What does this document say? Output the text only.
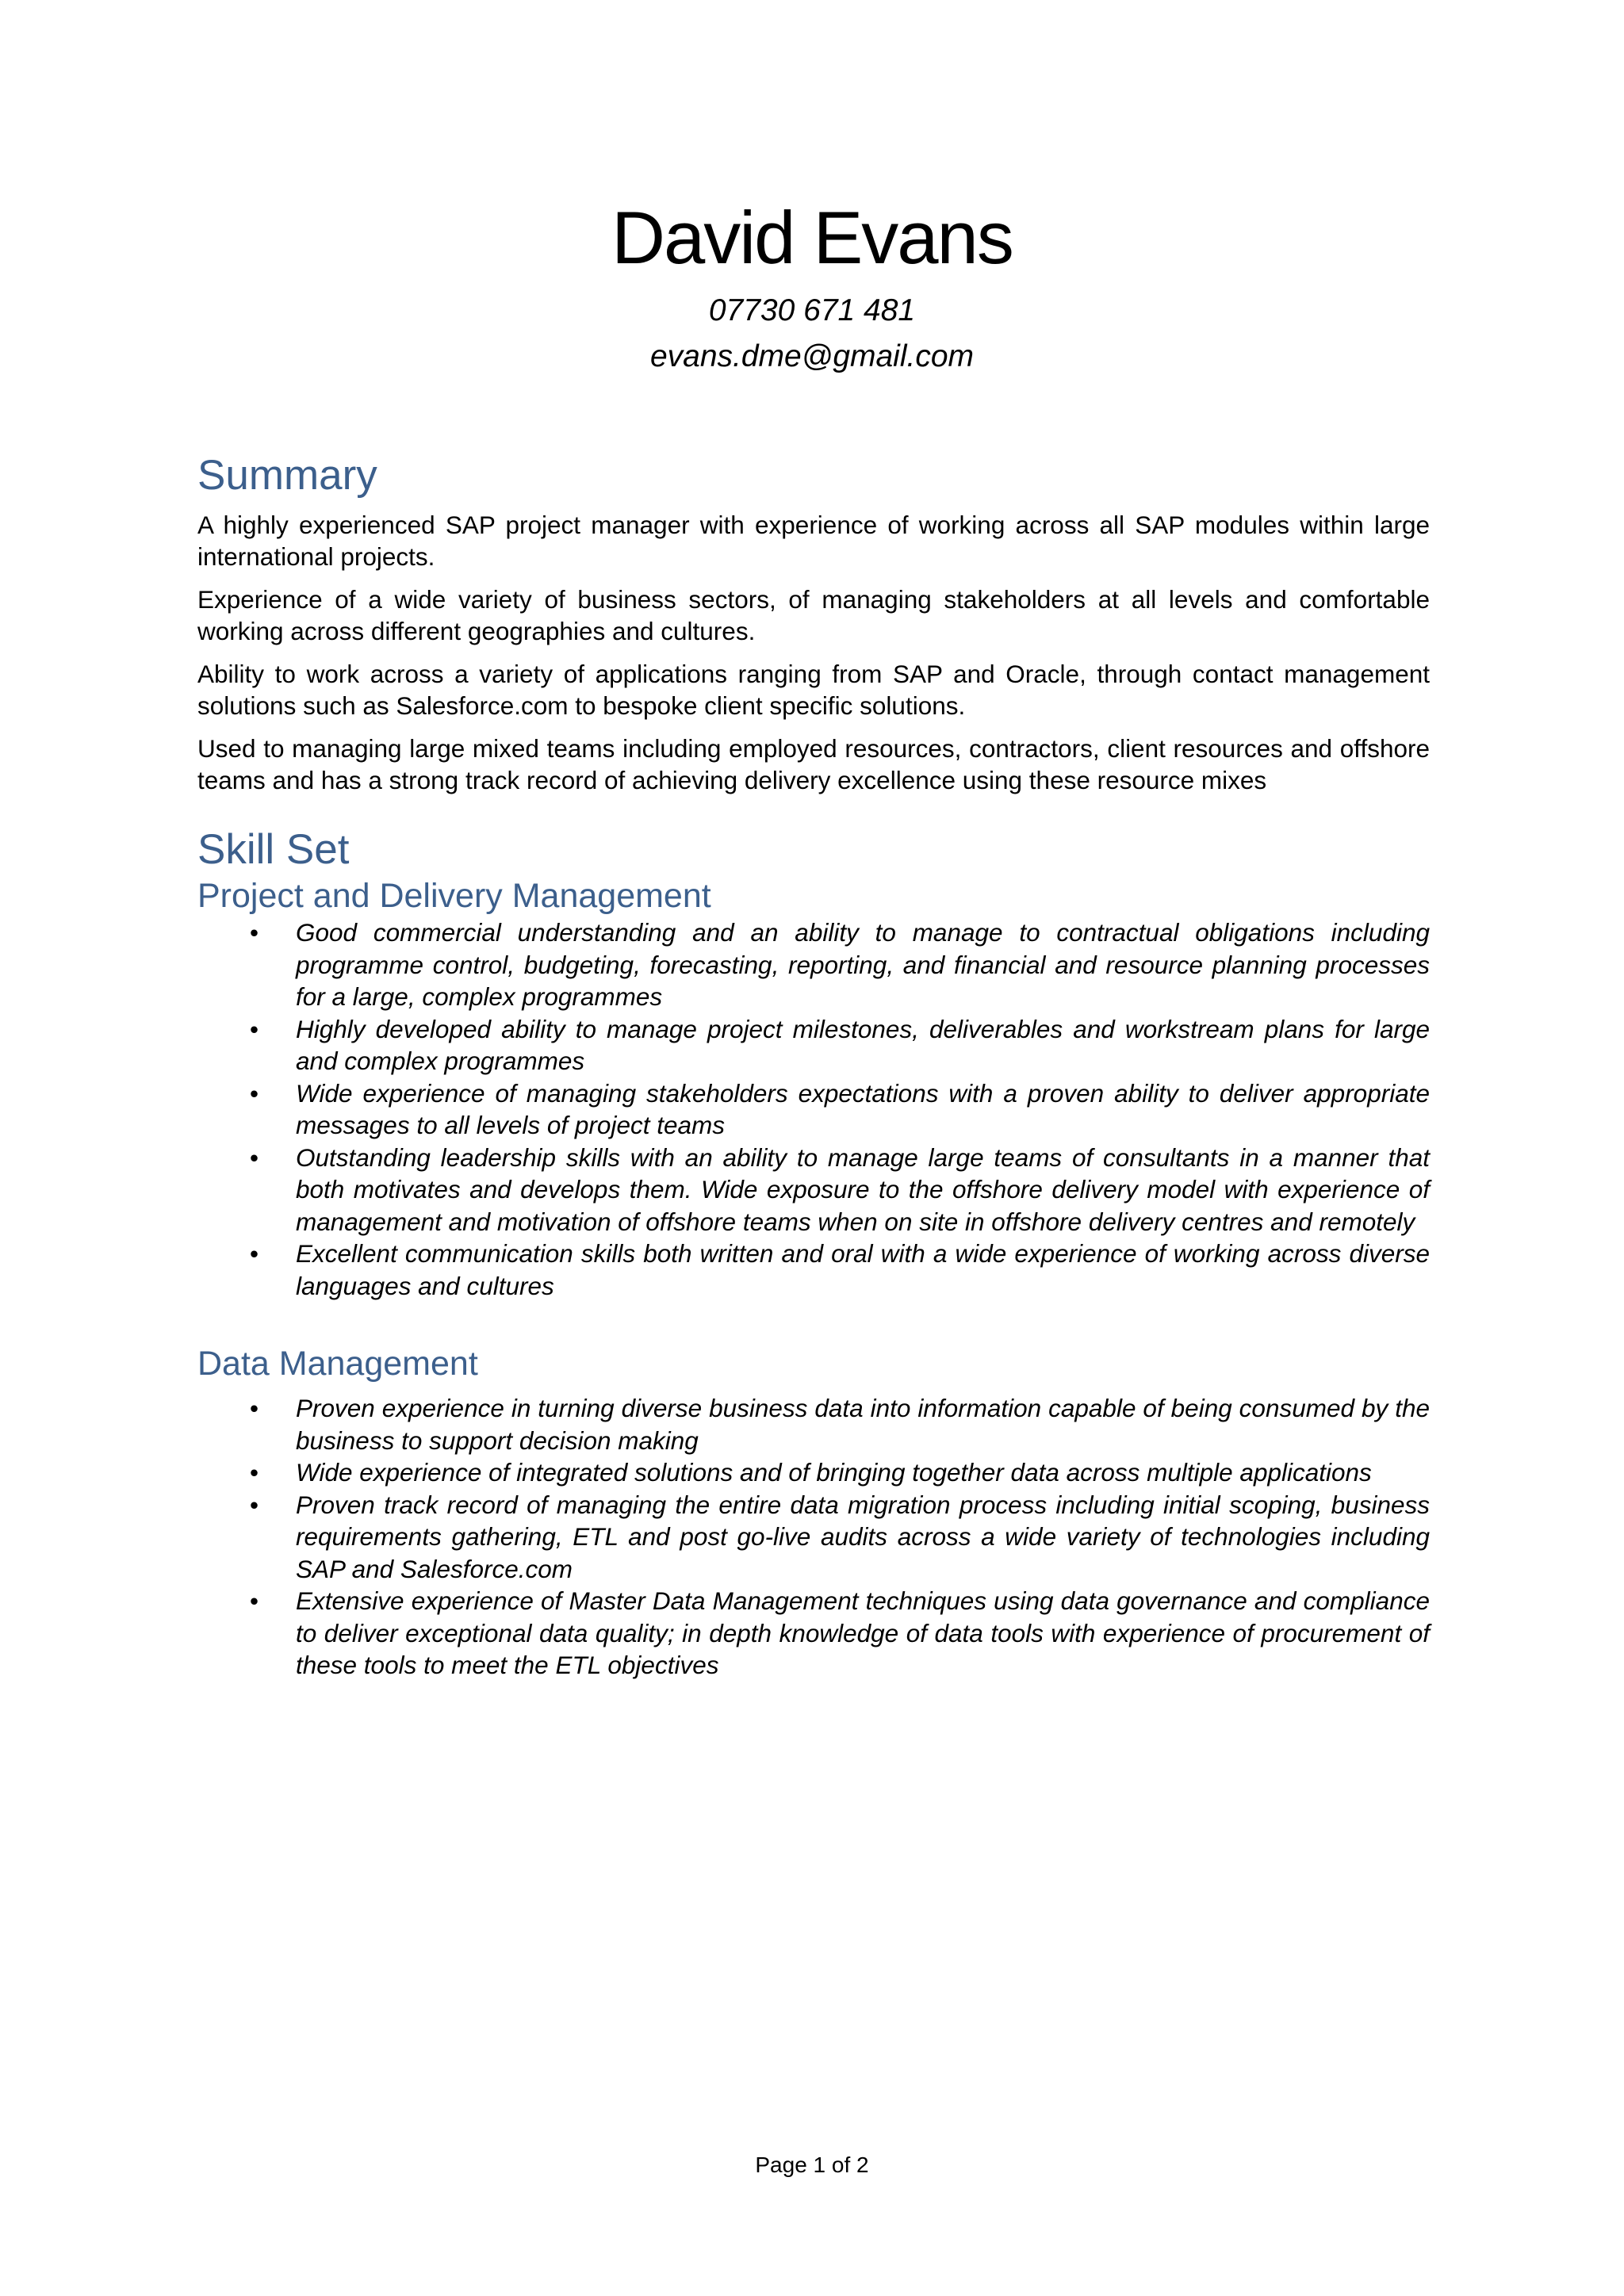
David Evans

07730 671 481

evans.dme@gmail.com

Summary

A highly experienced SAP project manager with experience of working across all SAP modules within large international projects.

Experience of a wide variety of business sectors, of managing stakeholders at all levels and comfortable working across different geographies and cultures.

Ability to work across a variety of applications ranging from SAP and Oracle, through contact management solutions such as Salesforce.com to bespoke client specific solutions.

Used to managing large mixed teams including employed resources, contractors, client resources and offshore teams and has a strong track record of achieving delivery excellence using these resource mixes

Skill Set
Project and Delivery Management
• Good commercial understanding and an ability to manage to contractual obligations including programme control, budgeting, forecasting, reporting, and financial and resource planning processes for a large, complex programmes
• Highly developed ability to manage project milestones, deliverables and workstream plans for large and complex programmes
• Wide experience of managing stakeholders expectations with a proven ability to deliver appropriate messages to all levels of project teams
• Outstanding leadership skills with an ability to manage large teams of consultants in a manner that both motivates and develops them. Wide exposure to the offshore delivery model with experience of management and motivation of offshore teams when on site in offshore delivery centres and remotely
• Excellent communication skills both written and oral with a wide experience of working across diverse languages and cultures
Data Management
• Proven experience in turning diverse business data into information capable of being consumed by the business to support decision making
• Wide experience of integrated solutions and of bringing together data across multiple applications
• Proven track record of managing the entire data migration process including initial scoping, business requirements gathering, ETL and post go-live audits across a wide variety of technologies including SAP and Salesforce.com
• Extensive experience of Master Data Management techniques using data governance and compliance to deliver exceptional data quality; in depth knowledge of data tools with experience of procurement of these tools to meet the ETL objectives
Page 1 of 2
